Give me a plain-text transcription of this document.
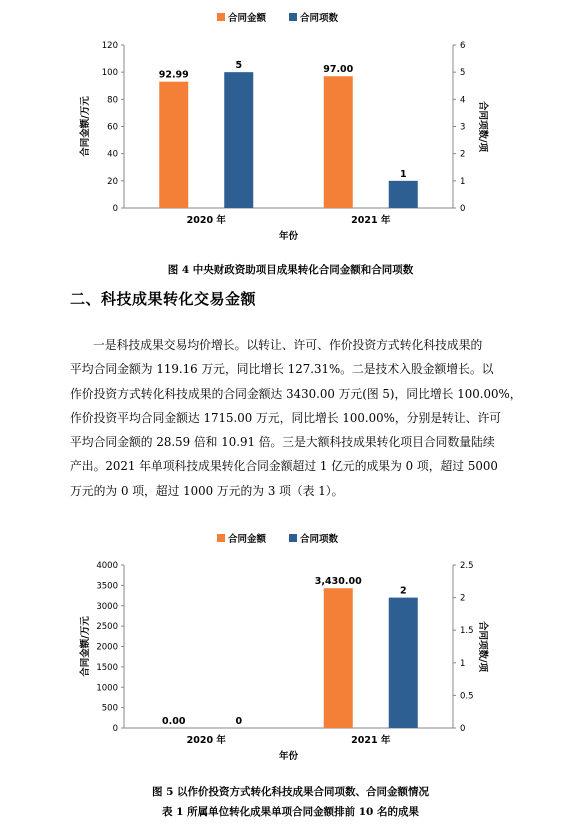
合同金额	合同项数
0
20
40
60
80
100
120
0
1
2
3
4
5
6
2020 年
92.99
5
2021 年
97.00
1
年份
合同金额/万元	合同项数/项
图 4 中央财政资助项目成果转化合同金额和合同项数
二、科技成果转化交易金额
一是科技成果交易均价增长。以转让、许可、作价投资方式转化科技成果的
平均合同金额为 119.16 万元，同比增长 127.31%。二是技术入股金额增长。以
作价投资方式转化科技成果的合同金额达 3430.00 万元(图 5)，同比增长 100.00%，
作价投资平均合同金额达 1715.00 万元，同比增长 100.00%，分别是转让、许可
平均合同金额的 28.59 倍和 10.91 倍。三是大额科技成果转化项目合同数量陆续
产出。2021 年单项科技成果转化合同金额超过 1 亿元的成果为 0 项，超过 5000
万元的为 0 项，超过 1000 万元的为 3 项（表 1）。
合同金额	合同项数
0
500
1000
1500
2000
2500
3000
3500
4000
0
0.5
1
1.5
2
2.5
2020 年
0.00	0
2021 年
3,430.00
2
年份
合同金额/万元	合同项数/项
图 5 以作价投资方式转化科技成果合同项数、合同金额情况
表 1 所属单位转化成果单项合同金额排前 10 名的成果
